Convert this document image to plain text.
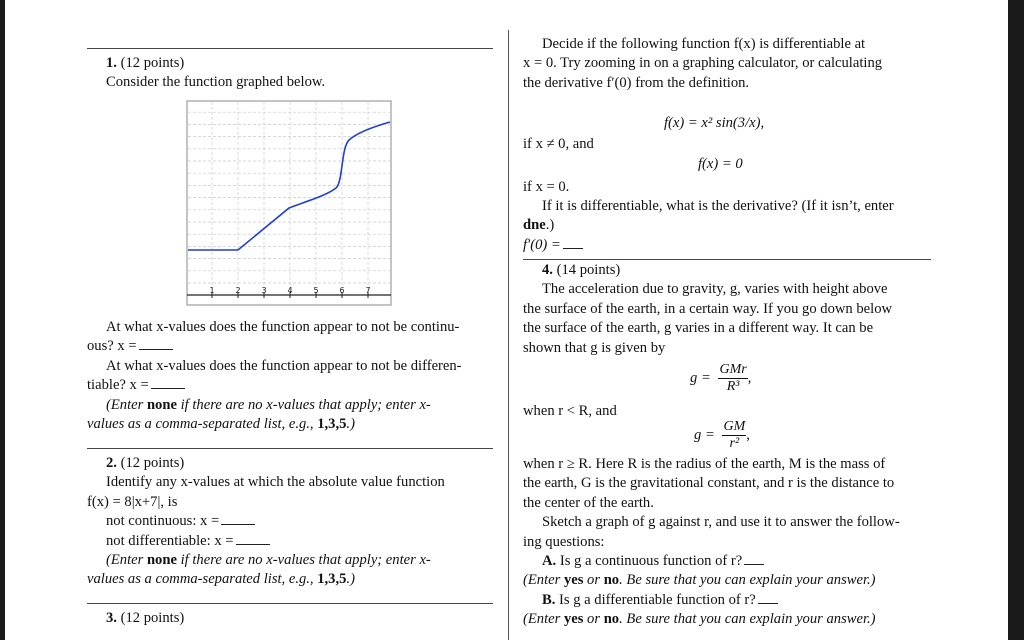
1. (12 points)

Consider the function graphed below.

1	2	3	4	5	6	7

At what x-values does the function appear to not be continu-

ous? x =

At what x-values does the function appear to not be differen-

tiable? x =

(Enter none if there are no x-values that apply; enter x-

values as a comma-separated list, e.g., 1,3,5.)

2. (12 points)

Identify any x-values at which the absolute value function

f(x) = 8|x+7|, is

not continuous: x =

not differentiable: x =

(Enter none if there are no x-values that apply; enter x-

values as a comma-separated list, e.g., 1,3,5.)

3. (12 points)

Decide if the following function f(x) is differentiable at

x = 0. Try zooming in on a graphing calculator, or calculating

the derivative f′(0) from the definition.

f(x) = x² sin(3/x),
if x ≠ 0, and
f(x) = 0
if x = 0.

If it is differentiable, what is the derivative? (If it isn’t, enter

dne.)

f′(0) =

4. (14 points)

The acceleration due to gravity, g, varies with height above

the surface of the earth, in a certain way. If you go down below

the surface of the earth, g varies in a different way. It can be

shown that g is given by

$g = \frac{\text{GMr}}{\text{R³}}$ ,
when r < R, and
$g = \frac{GM}{\text{r²}}$ ,

when r ≥ R. Here R is the radius of the earth, M is the mass of

the earth, G is the gravitational constant, and r is the distance to

the center of the earth.

Sketch a graph of g against r, and use it to answer the follow-

ing questions:

A. Is g a continuous function of r?

(Enter yes or no. Be sure that you can explain your answer.)

B. Is g a differentiable function of r?

(Enter yes or no. Be sure that you can explain your answer.)
